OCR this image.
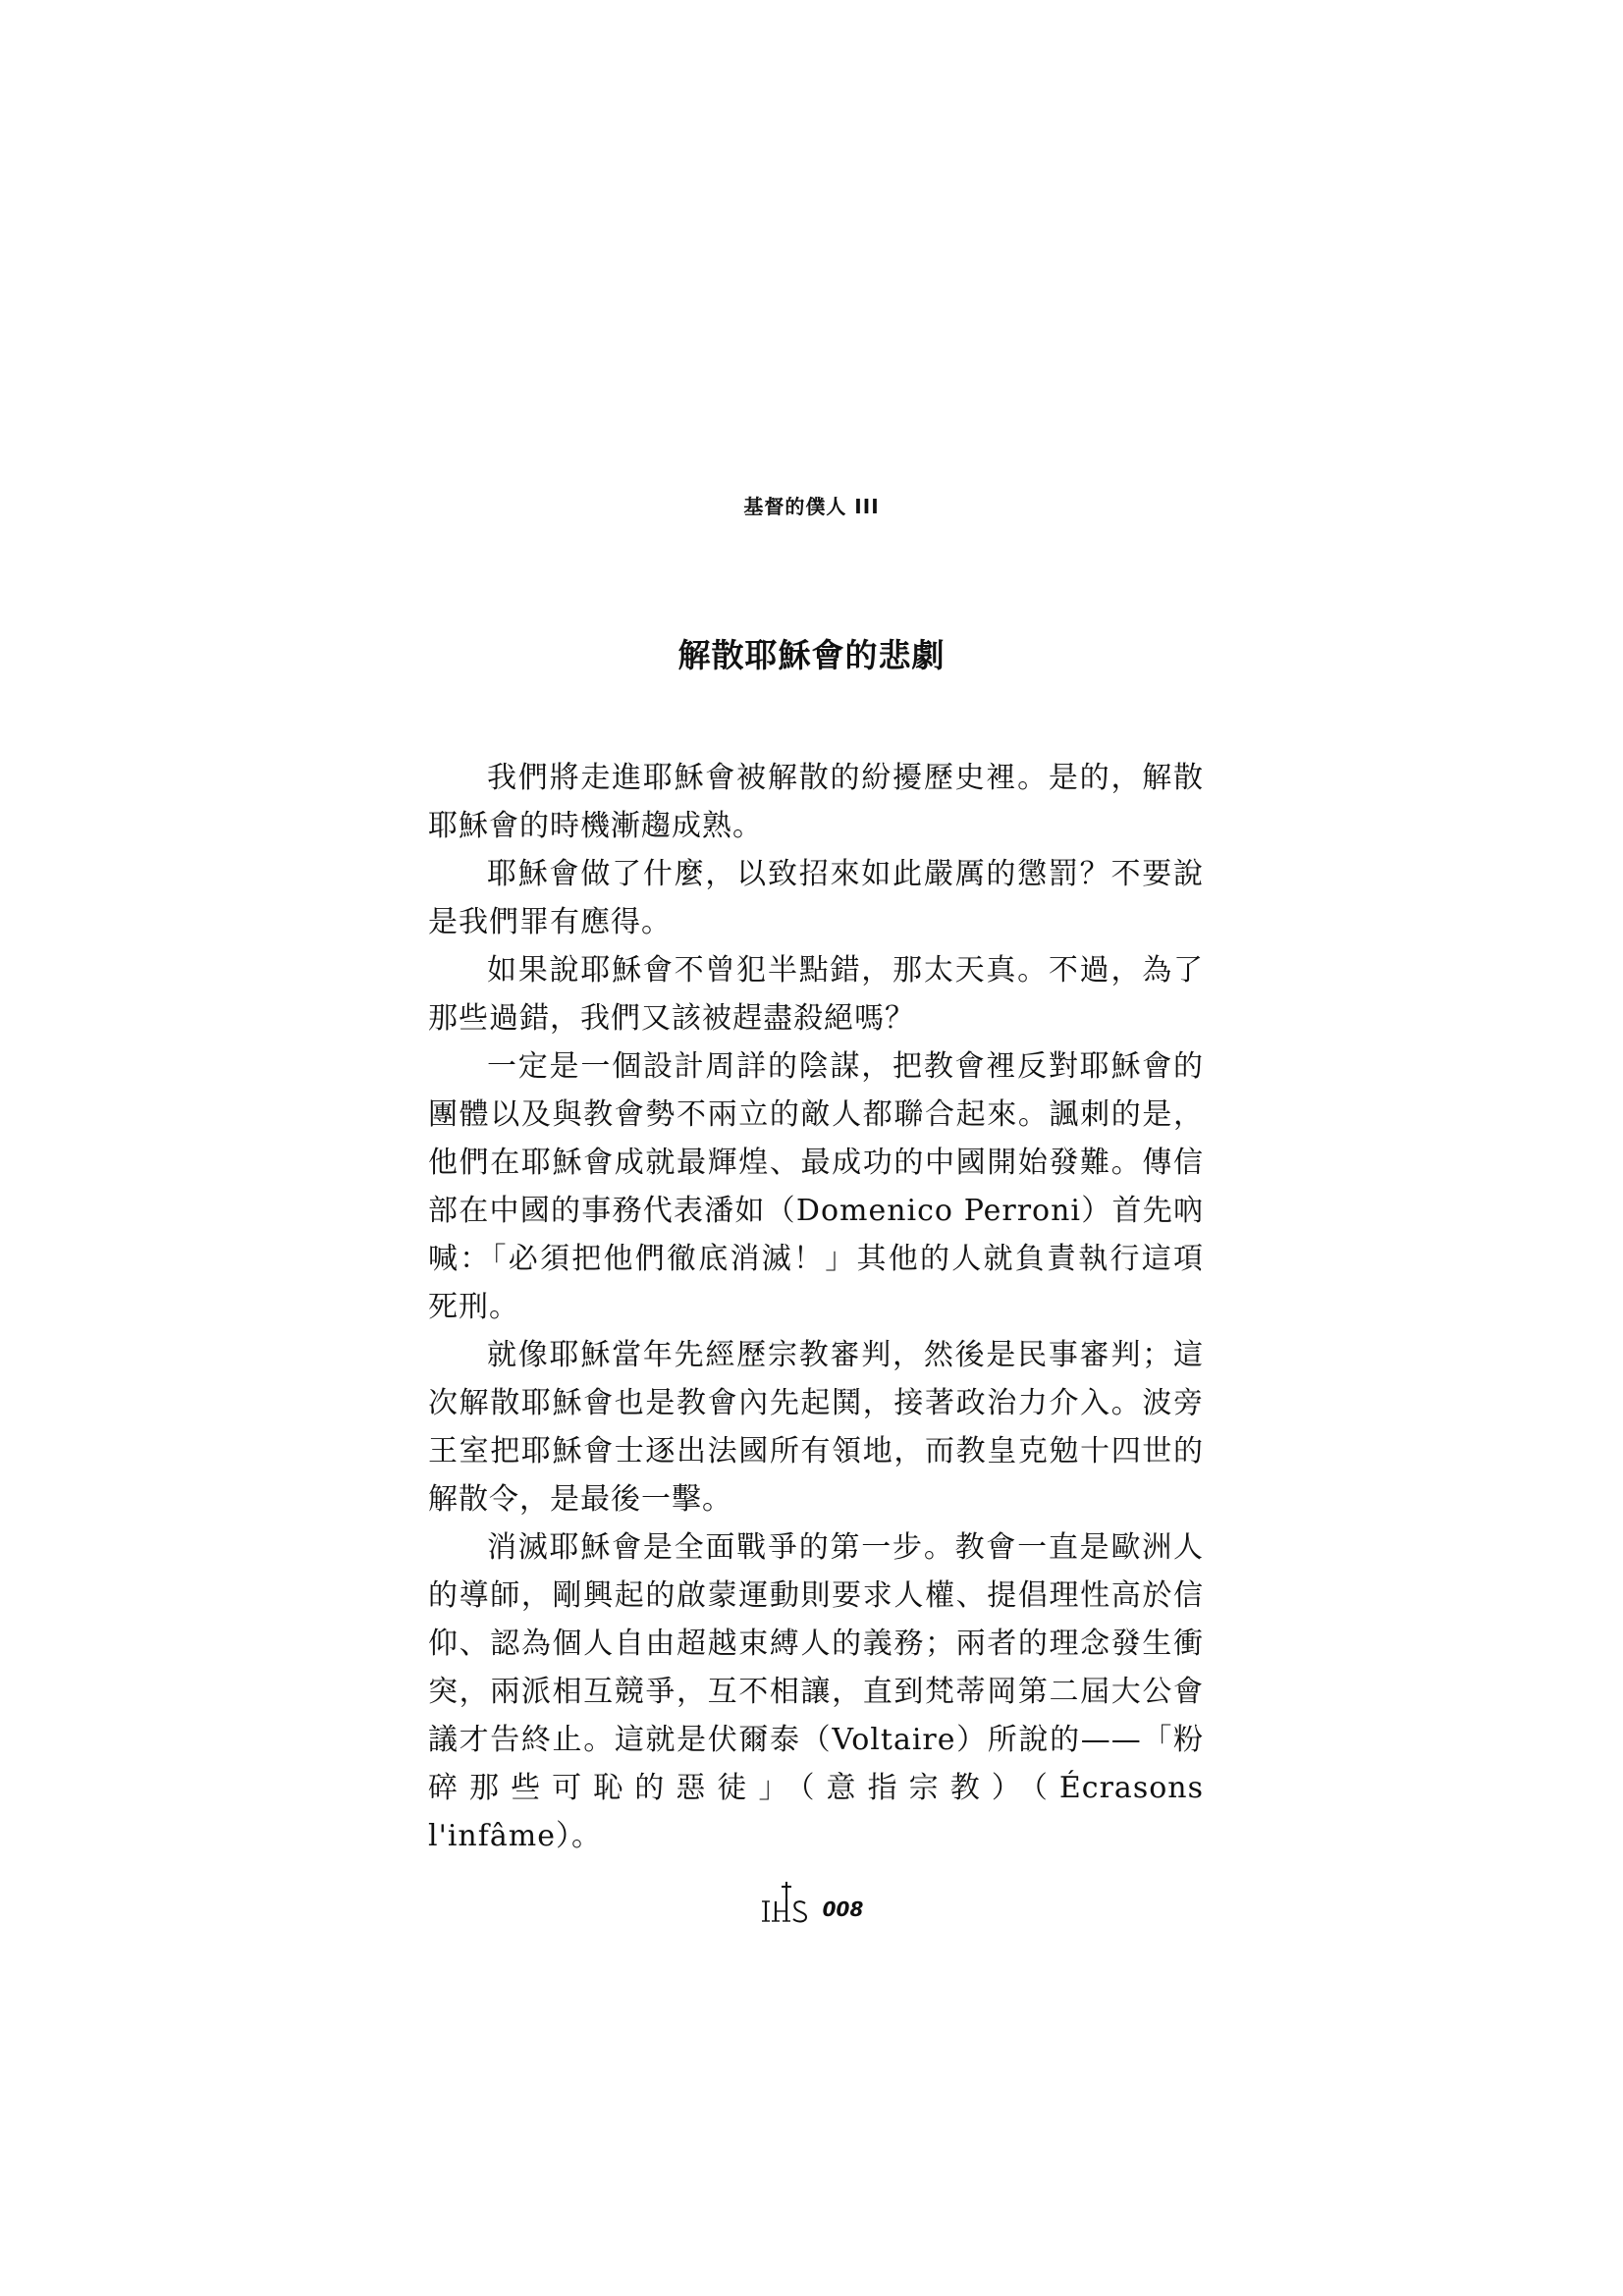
基督的僕人 III
解散耶穌會的悲劇

我們將走進耶穌會被解散的紛擾歷史裡。是的，解散耶穌會的時機漸趨成熟。

耶穌會做了什麼，以致招來如此嚴厲的懲罰？不要說是我們罪有應得。

如果說耶穌會不曾犯半點錯，那太天真。不過，為了那些過錯，我們又該被趕盡殺絕嗎？

一定是一個設計周詳的陰謀，把教會裡反對耶穌會的團體以及與教會勢不兩立的敵人都聯合起來。諷刺的是，他們在耶穌會成就最輝煌、最成功的中國開始發難。傳信部在中國的事務代表潘如（Domenico Perroni）首先吶喊：「必須把他們徹底消滅！」其他的人就負責執行這項死刑。

就像耶穌當年先經歷宗教審判，然後是民事審判；這次解散耶穌會也是教會內先起鬨，接著政治力介入。波旁王室把耶穌會士逐出法國所有領地，而教皇克勉十四世的解散令，是最後一擊。

消滅耶穌會是全面戰爭的第一步。教會一直是歐洲人的導師，剛興起的啟蒙運動則要求人權、提倡理性高於信仰、認為個人自由超越束縛人的義務；兩者的理念發生衝突，兩派相互競爭，互不相讓，直到梵蒂岡第二屆大公會議才告終止。這就是伏爾泰（Voltaire）所說的——「粉碎那些可恥的惡徒」（意指宗教）（Écrasons l'infâme）。

008
